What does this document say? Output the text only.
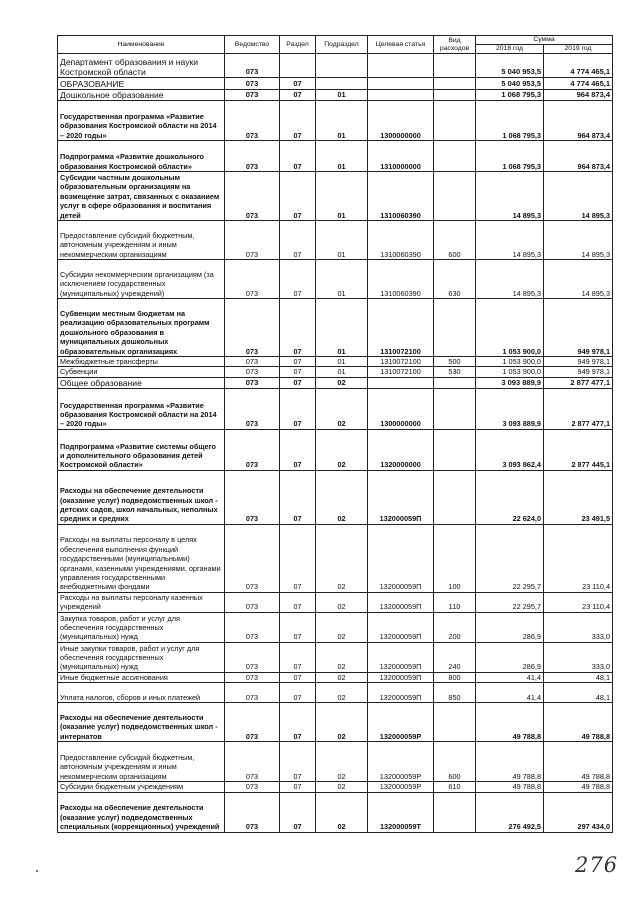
Наименование	Ведомство	Раздел	Подраздел	Целевая статья	Вид расходов	Сумма	
						2018 год	2019 год
Департамент образования и науки Костромской области	073					5 040 953,5	4 774 465,1
ОБРАЗОВАНИЕ	073	07				5 040 953,5	4 774 465,1
Дошкольное образование	073	07	01			1 068 795,3	964 873,4
Государственная программа «Развитие образования Костромской области на 2014 – 2020 годы»	073	07	01	1300000000		1 068 795,3	964 873,4
Подпрограмма «Развитие дошкольного образования Костромской области»	073	07	01	1310000000		1 068 795,3	964 873,4
Субсидии частным дошкольным образовательным организациям на возмещение затрат, связанных с оказанием услуг в сфере образования и воспитания детей	073	07	01	1310060390		14 895,3	14 895,3
Предоставление субсидий бюджетным, автономным учреждениям и иным некоммерческим организациям	073	07	01	1310060390	600	14 895,3	14 895,3
Субсидии некоммерческим организациям (за исключением государственных (муниципальных) учреждений)	073	07	01	1310060390	630	14 895,3	14 895,3
Субвенции местным бюджетам на реализацию образовательных программ дошкольного образования в муниципальных дошкольных образовательных организациях	073	07	01	1310072100		1 053 900,0	949 978,1
Межбюджетные трансферты	073	07	01	1310072100	500	1 053 900,0	949 978,1
Субвенции	073	07	01	1310072100	530	1 053 900,0	949 978,1
Общее образование	073	07	02			3 093 889,9	2 877 477,1
Государственная программа «Развитие образования Костромской области на 2014 – 2020 годы»	073	07	02	1300000000		3 093 889,9	2 877 477,1
Подпрограмма «Развитие системы общего и дополнительного образования детей Костромской области»	073	07	02	1320000000		3 093 862,4	2 877 445,1
Расходы на обеспечение деятельности (оказание услуг) подведомственных школ - детских садов, школ начальных, неполных средних и средних	073	07	02	132000059П		22 624,0	23 491,5
Расходы на выплаты персоналу в целях обеспечения выполнения функций государственными (муниципальными) органами, казенными учреждениями, органами управления государственными внебюджетными фондами	073	07	02	132000059П	100	22 295,7	23 110,4
Расходы на выплаты персоналу казенных учреждений	073	07	02	132000059П	110	22 295,7	23 110,4
Закупка товаров, работ и услуг для обеспечения государственных (муниципальных) нужд	073	07	02	132000059П	200	286,9	333,0
Иные закупки товаров, работ и услуг для обеспечения государственных (муниципальных) нужд	073	07	02	132000059П	240	286,9	333,0
Иные бюджетные ассигнования	073	07	02	132000059П	800	41,4	48,1
Уплата налогов, сборов и иных платежей	073	07	02	132000059П	850	41,4	48,1
Расходы на обеспечение деятельности (оказание услуг) подведомственных школ - интернатов	073	07	02	132000059Р		49 788,8	49 788,8
Предоставление субсидий бюджетным, автономным учреждениям и иным некоммерческим организациям	073	07	02	132000059Р	600	49 788,8	49 788,8
Субсидии бюджетным учреждениям	073	07	02	132000059Р	610	49 788,8	49 788,8
Расходы на обеспечение деятельности (оказание услуг) подведомственных специальных (коррекционных) учреждений	073	07	02	132000059Т		276 492,5	297 434,0
276
